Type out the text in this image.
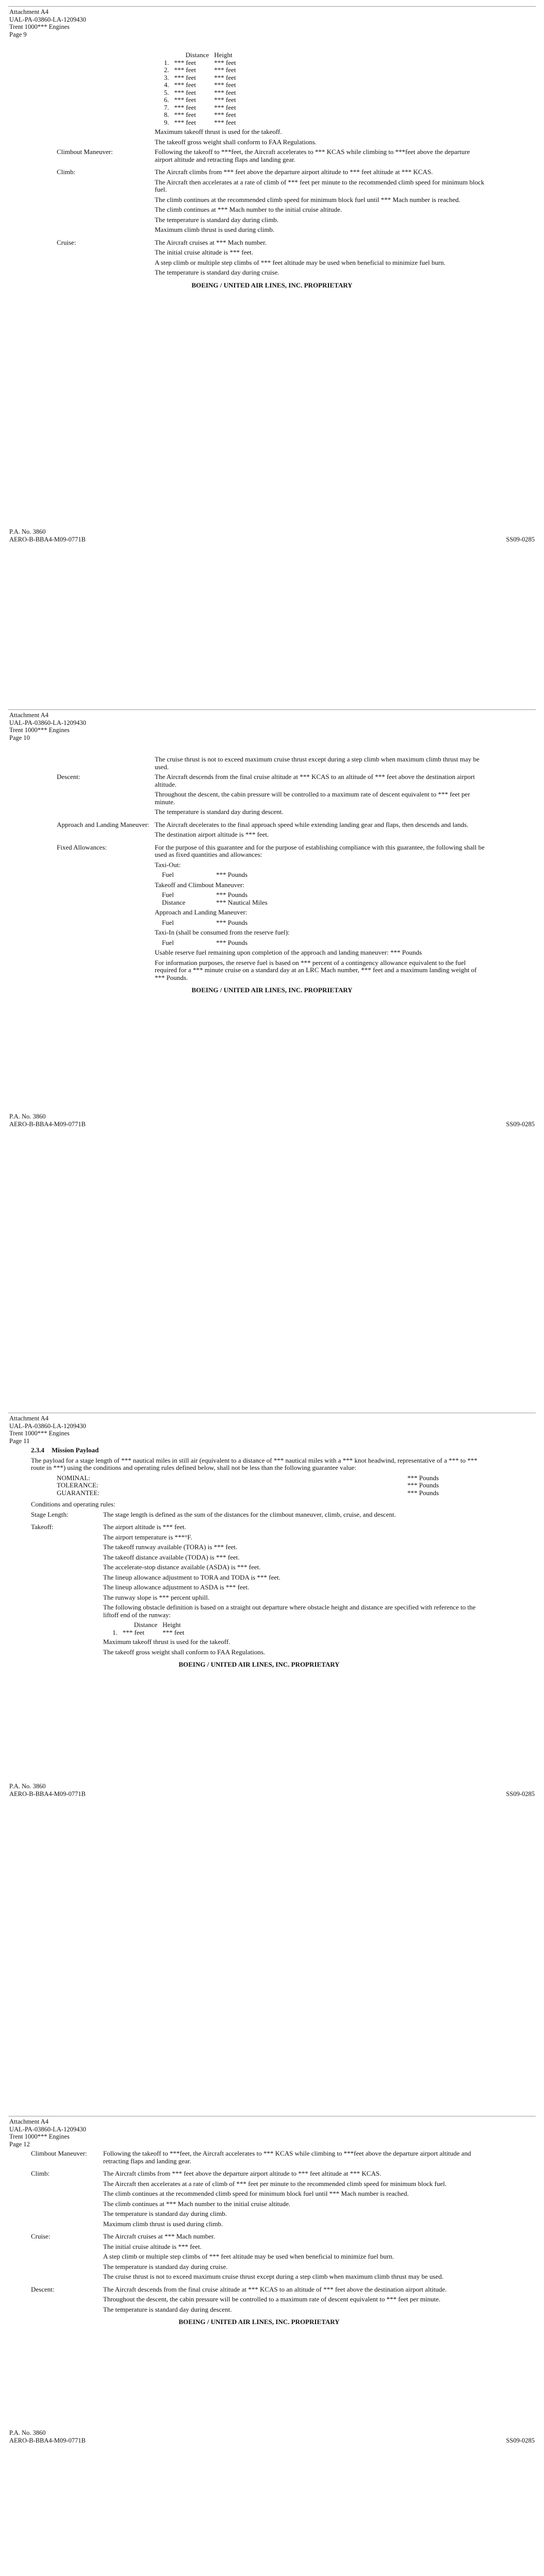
Attachment A4
UAL-PA-03860-LA-1209430
Trent 1000*** Engines
Page 9
	Distance	Height
1.	*** feet	*** feet
2.	*** feet	*** feet
3.	*** feet	*** feet
4.	*** feet	*** feet
5.	*** feet	*** feet
6.	*** feet	*** feet
7.	*** feet	*** feet
8.	*** feet	*** feet
9.	*** feet	*** feet

Maximum takeoff thrust is used for the takeoff.

The takeoff gross weight shall conform to FAA Regulations.

Climbout Maneuver:	Following the takeoff to ***feet, the Aircraft accelerates to *** KCAS while climbing to ***feet above the departure airport altitude and retracting flaps and landing gear.

Climb:	The Aircraft climbs from *** feet above the departure airport altitude to *** feet altitude at *** KCAS.

The Aircraft then accelerates at a rate of climb of *** feet per minute to the recommended climb speed for minimum block fuel.

The climb continues at the recommended climb speed for minimum block fuel until *** Mach number is reached.

The climb continues at *** Mach number to the initial cruise altitude.

The temperature is standard day during climb.

Maximum climb thrust is used during climb.

Cruise:	The Aircraft cruises at *** Mach number.

The initial cruise altitude is *** feet.

A step climb or multiple step climbs of *** feet altitude may be used when beneficial to minimize fuel burn.

The temperature is standard day during cruise.

BOEING / UNITED AIR LINES, INC. PROPRIETARY
P.A. No. 3860
AERO-B-BBA4-M09-0771B	SS09-0285
Attachment A4
UAL-PA-03860-LA-1209430
Trent 1000*** Engines
Page 10

The cruise thrust is not to exceed maximum cruise thrust except during a step climb when maximum climb thrust may be used.

Descent:	The Aircraft descends from the final cruise altitude at *** KCAS to an altitude of *** feet above the destination airport altitude.

Throughout the descent, the cabin pressure will be controlled to a maximum rate of descent equivalent to *** feet per minute.

The temperature is standard day during descent.

Approach and Landing Maneuver: The Aircraft decelerates to the final approach speed while extending landing gear and flaps, then descends and lands.

The destination airport altitude is *** feet.

Fixed Allowances:	For the purpose of this guarantee and for the purpose of establishing compliance with this guarantee, the following shall be used as fixed quantities and allowances:

Taxi-Out:

Fuel	*** Pounds

Takeoff and Climbout Maneuver:

Fuel	*** Pounds
Distance	*** Nautical Miles

Approach and Landing Maneuver:

Fuel	*** Pounds

Taxi-In (shall be consumed from the reserve fuel):

Fuel	*** Pounds

Usable reserve fuel remaining upon completion of the approach and landing maneuver: *** Pounds

For information purposes, the reserve fuel is based on *** percent of a contingency allowance equivalent to the fuel required for a *** minute cruise on a standard day at an LRC Mach number, *** feet and a maximum landing weight of *** Pounds.

BOEING / UNITED AIR LINES, INC. PROPRIETARY
P.A. No. 3860
AERO-B-BBA4-M09-0771B	SS09-0285
Attachment A4
UAL-PA-03860-LA-1209430
Trent 1000*** Engines
Page 11
2.3.4 Mission Payload

The payload for a stage length of *** nautical miles in still air (equivalent to a distance of *** nautical miles with a *** knot headwind, representative of a *** to *** route in ***) using the conditions and operating rules defined below, shall not be less than the following guarantee value:

NOMINAL:	*** Pounds
TOLERANCE:	*** Pounds
GUARANTEE:	*** Pounds

Conditions and operating rules:

Stage Length:	The stage length is defined as the sum of the distances for the climbout maneuver, climb, cruise, and descent.

Takeoff:	The airport altitude is *** feet.

The airport temperature is ***°F.

The takeoff runway available (TORA) is *** feet.

The takeoff distance available (TODA) is *** feet.

The accelerate-stop distance available (ASDA) is *** feet.

The lineup allowance adjustment to TORA and TODA is *** feet.

The lineup allowance adjustment to ASDA is *** feet.

The runway slope is *** percent uphill.

The following obstacle definition is based on a straight out departure where obstacle height and distance are specified with reference to the liftoff end of the runway:

	Distance	Height
1.	*** feet	*** feet

Maximum takeoff thrust is used for the takeoff.

The takeoff gross weight shall conform to FAA Regulations.

BOEING / UNITED AIR LINES, INC. PROPRIETARY
P.A. No. 3860
AERO-B-BBA4-M09-0771B	SS09-0285
Attachment A4
UAL-PA-03860-LA-1209430
Trent 1000*** Engines
Page 12
Climbout Maneuver:	Following the takeoff to ***feet, the Aircraft accelerates to *** KCAS while climbing to ***feet above the departure airport altitude and retracting flaps and landing gear.

Climb:	The Aircraft climbs from *** feet above the departure airport altitude to *** feet altitude at *** KCAS.

The Aircraft then accelerates at a rate of climb of *** feet per minute to the recommended climb speed for minimum block fuel.

The climb continues at the recommended climb speed for minimum block fuel until *** Mach number is reached.

The climb continues at *** Mach number to the initial cruise altitude.

The temperature is standard day during climb.

Maximum climb thrust is used during climb.

Cruise:	The Aircraft cruises at *** Mach number.

The initial cruise altitude is *** feet.

A step climb or multiple step climbs of *** feet altitude may be used when beneficial to minimize fuel burn.

The temperature is standard day during cruise.

The cruise thrust is not to exceed maximum cruise thrust except during a step climb when maximum climb thrust may be used.

Descent:	The Aircraft descends from the final cruise altitude at *** KCAS to an altitude of *** feet above the destination airport altitude.

Throughout the descent, the cabin pressure will be controlled to a maximum rate of descent equivalent to *** feet per minute.

The temperature is standard day during descent.

BOEING / UNITED AIR LINES, INC. PROPRIETARY
P.A. No. 3860
AERO-B-BBA4-M09-0771B	SS09-0285
